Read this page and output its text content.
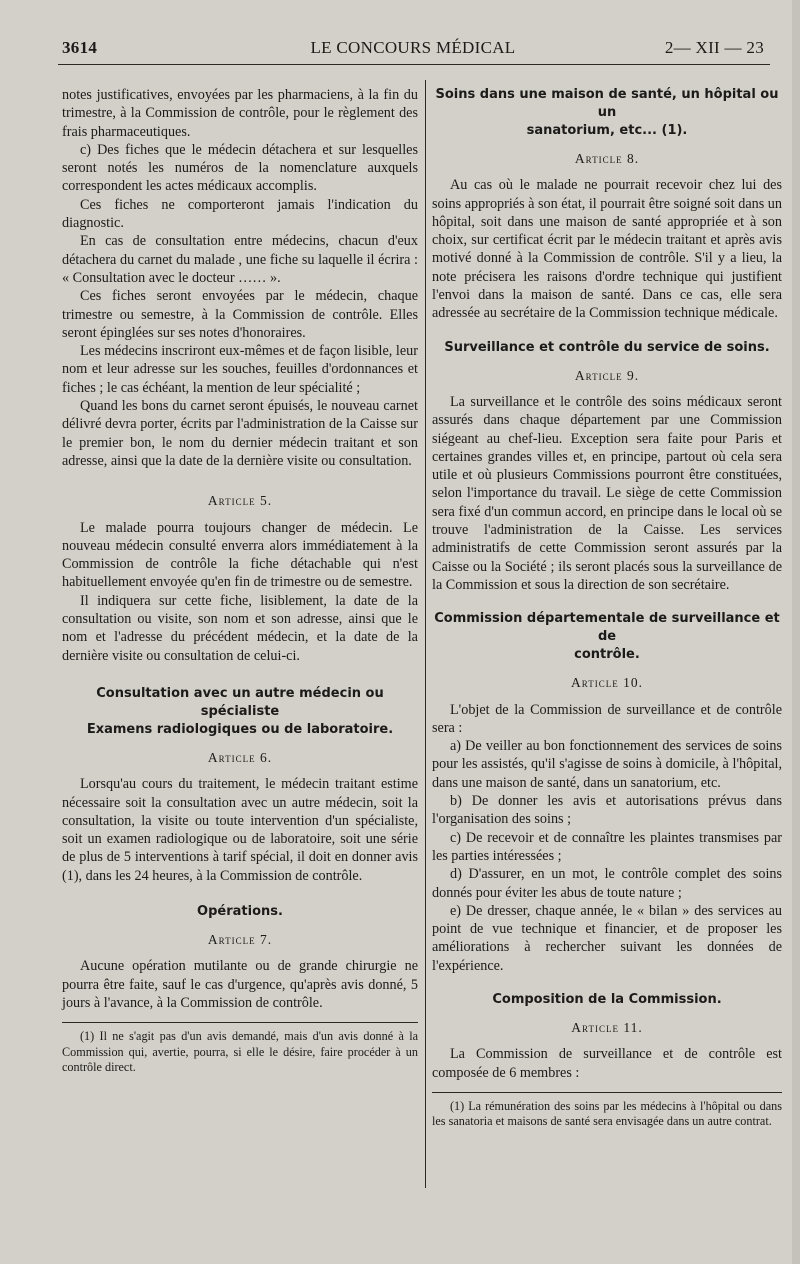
3614	LE CONCOURS MÉDICAL	2— XII — 23

notes justificatives, envoyées par les pharmaciens, à la fin du trimestre, à la Commission de contrôle, pour le règlement des frais pharmaceutiques.

c) Des fiches que le médecin détachera et sur lesquelles seront notés les numéros de la nomenclature auxquels correspondent les actes médicaux accomplis.

Ces fiches ne comporteront jamais l'indication du diagnostic.

En cas de consultation entre médecins, chacun d'eux détachera du carnet du malade , une fiche su laquelle il écrira : « Consultation avec le docteur …… ».

Ces fiches seront envoyées par le médecin, chaque trimestre ou semestre, à la Commission de contrôle. Elles seront épinglées sur ses notes d'honoraires.

Les médecins inscriront eux-mêmes et de façon lisible, leur nom et leur adresse sur les souches, feuilles d'ordonnances et fiches ; le cas échéant, la mention de leur spécialité ;

Quand les bons du carnet seront épuisés, le nouveau carnet délivré devra porter, écrits par l'administration de la Caisse sur le premier bon, le nom du dernier médecin traitant et son adresse, ainsi que la date de la dernière visite ou consultation.

Article 5.

Le malade pourra toujours changer de médecin. Le nouveau médecin consulté enverra alors immédiatement à la Commission de contrôle la fiche détachable qui n'est habituellement envoyée qu'en fin de trimestre ou de semestre.

Il indiquera sur cette fiche, lisiblement, la date de la consultation ou visite, son nom et son adresse, ainsi que le nom et l'adresse du précédent médecin, et la date de la dernière visite ou consultation de celui-ci.

Consultation avec un autre médecin ou spécialiste
Examens radiologiques ou de laboratoire.
Article 6.

Lorsqu'au cours du traitement, le médecin traitant estime nécessaire soit la consultation avec un autre médecin, soit la consultation, la visite ou toute intervention d'un spécialiste, soit un examen radiologique ou de laboratoire, soit une série de plus de 5 interventions à tarif spécial, il doit en donner avis (1), dans les 24 heures, à la Commission de contrôle.

Opérations.
Article 7.

Aucune opération mutilante ou de grande chirurgie ne pourra être faite, sauf le cas d'urgence, qu'après avis donné, 5 jours à l'avance, à la Commission de contrôle.

(1) Il ne s'agit pas d'un avis demandé, mais d'un avis donné à la Commission qui, avertie, pourra, si elle le désire, faire procéder à un contrôle direct.
Soins dans une maison de santé, un hôpital ou un
sanatorium, etc... (1).
Article 8.

Au cas où le malade ne pourrait recevoir chez lui des soins appropriés à son état, il pourrait être soigné soit dans un hôpital, soit dans une maison de santé appropriée et à son choix, sur certificat écrit par le médecin traitant et après avis motivé donné à la Commission de contrôle. S'il y a lieu, la note précisera les raisons d'ordre technique qui justifient l'envoi dans la maison de santé. Dans ce cas, elle sera adressée au secrétaire de la Commission technique médicale.

Surveillance et contrôle du service de soins.
Article 9.

La surveillance et le contrôle des soins médicaux seront assurés dans chaque département par une Commission siégeant au chef-lieu. Exception sera faite pour Paris et certaines grandes villes et, en principe, partout où cela sera utile et où plusieurs Commissions pourront être constituées, selon l'importance du travail. Le siège de cette Commission sera fixé d'un commun accord, en principe dans le local où se trouve l'administration de la Caisse. Les services administratifs de cette Commission seront assurés par la Caisse ou la Société ; ils seront placés sous la surveillance de la Commission et sous la direction de son secrétaire.

Commission départementale de surveillance et de
contrôle.
Article 10.

L'objet de la Commission de surveillance et de contrôle sera :

a) De veiller au bon fonctionnement des services de soins pour les assistés, qu'il s'agisse de soins à domicile, à l'hôpital, dans une maison de santé, dans un sanatorium, etc.

b) De donner les avis et autorisations prévus dans l'organisation des soins ;

c) De recevoir et de connaître les plaintes transmises par les parties intéressées ;

d) D'assurer, en un mot, le contrôle complet des soins donnés pour éviter les abus de toute nature ;

e) De dresser, chaque année, le « bilan » des services au point de vue technique et financier, et de proposer les améliorations à rechercher suivant les données de l'expérience.

Composition de la Commission.
Article 11.

La Commission de surveillance et de contrôle est composée de 6 membres :

(1) La rémunération des soins par les médecins à l'hôpital ou dans les sanatoria et maisons de santé sera envisagée dans un autre contrat.
